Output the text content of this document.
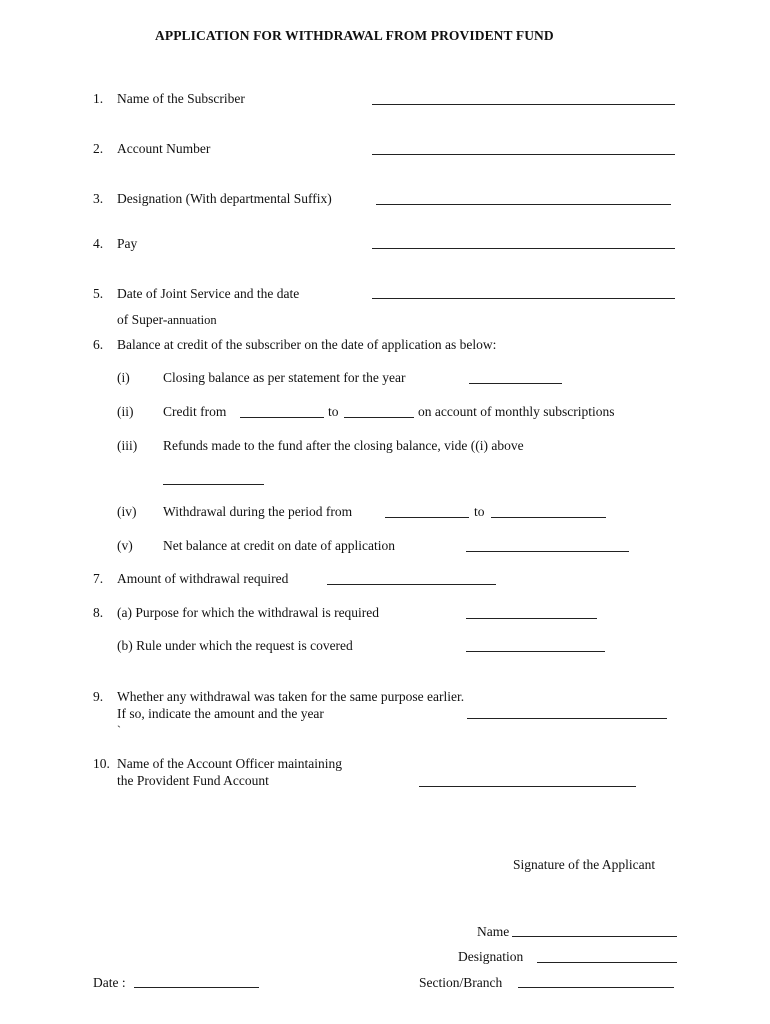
APPLICATION FOR WITHDRAWAL FROM PROVIDENT FUND
1. Name of the Subscriber
2. Account Number
3. Designation (With departmental Suffix)
4. Pay
5. Date of Joint Service and the date
of Super-annuation
6. Balance at credit of the subscriber on the date of application as below:
(i) Closing balance as per statement for the year
(ii) Credit from	to	on account of monthly subscriptions
(iii) Refunds made to the fund after the closing balance, vide ((i) above
(iv) Withdrawal during the period from	to
(v) Net balance at credit on date of application
7. Amount of withdrawal required
8. (a) Purpose for which the withdrawal is required
(b) Rule under which the request is covered
9. Whether any withdrawal was taken for the same purpose earlier.
If so, indicate the amount and the year
`
10. Name of the Account Officer maintaining
the Provident Fund Account
Signature of the Applicant
Name
Designation
Section/Branch
Date :
